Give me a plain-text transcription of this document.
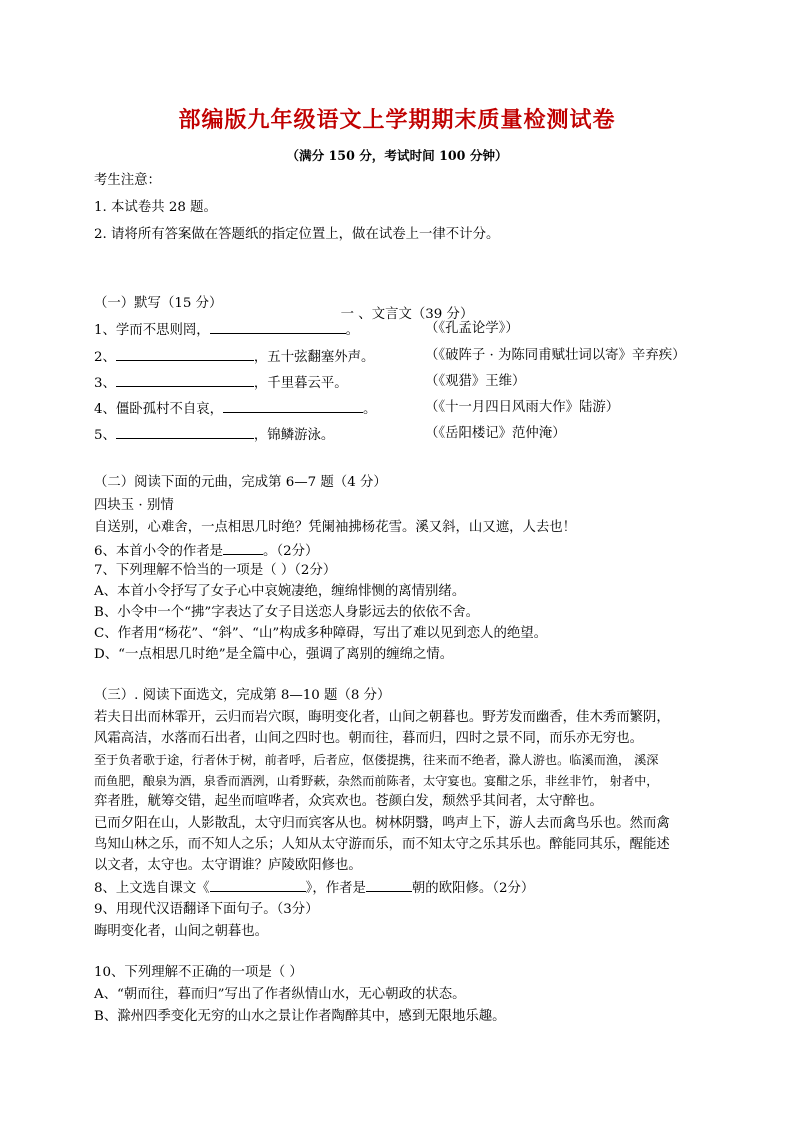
部编版九年级语文上学期期末质量检测试卷
（满分 150 分，考试时间 100 分钟）
考生注意：
1. 本试卷共 28 题。
2. 请将所有答案做在答题纸的指定位置上，做在试卷上一律不计分。
一 、文言文（39 分）
（一）默写（15 分）
1、学而不思则罔，	。	（《孔孟论学》）
2、	，五十弦翻塞外声。	（《破阵子 · 为陈同甫赋壮词以寄》辛弃疾）
3、	，千里暮云平。	（《观猎》王维）
4、僵卧孤村不自哀，	。	（《十一月四日风雨大作》陆游）
5、	，锦鳞游泳。	（《岳阳楼记》范仲淹）
（二）阅读下面的元曲，完成第 6—7 题（4 分）
四块玉 · 别情
自送别，心难舍，一点相思几时绝？凭阑袖拂杨花雪。溪又斜，山又遮，人去也！
6、本首小令的作者是	。（2分）
7、下列理解不恰当的一项是（ ）（2分）
A、本首小令抒写了女子心中哀婉凄绝，缠绵悱恻的离情别绪。
B、小令中一个“拂”字表达了女子目送恋人身影远去的依依不舍。
C、作者用“杨花”、“斜”、“山”构成多种障碍，写出了难以见到恋人的绝望。
D、“一点相思几时绝”是全篇中心，强调了离别的缠绵之情。
（三）. 阅读下面选文，完成第 8—10 题（8 分）
若夫日出而林霏开，云归而岩穴暝，晦明变化者，山间之朝暮也。野芳发而幽香，佳木秀而繁阴，
风霜高洁，水落而石出者，山间之四时也。朝而往，暮而归，四时之景不同，而乐亦无穷也。
至于负者歌于途，行者休于树，前者呼，后者应，伛偻提携，往来而不绝者，滁人游也。临溪而渔， 溪深
而鱼肥，酿泉为酒，泉香而酒洌，山肴野蔌，杂然而前陈者，太守宴也。宴酣之乐，非丝非竹， 射者中，
弈者胜，觥筹交错，起坐而喧哗者，众宾欢也。苍颜白发，颓然乎其间者，太守醉也。
已而夕阳在山，人影散乱，太守归而宾客从也。树林阴翳，鸣声上下，游人去而禽鸟乐也。然而禽
鸟知山林之乐，而不知人之乐；人知从太守游而乐，而不知太守之乐其乐也。醉能同其乐，醒能述
以文者，太守也。太守谓谁？庐陵欧阳修也。
8、上文选自课文《	》，作者是	朝的欧阳修。（2分）
9、用现代汉语翻译下面句子。（3分）
晦明变化者，山间之朝暮也。
10、下列理解不正确的一项是（ ）
A、“朝而往，暮而归”写出了作者纵情山水，无心朝政的状态。
B、滁州四季变化无穷的山水之景让作者陶醉其中，感到无限地乐趣。
